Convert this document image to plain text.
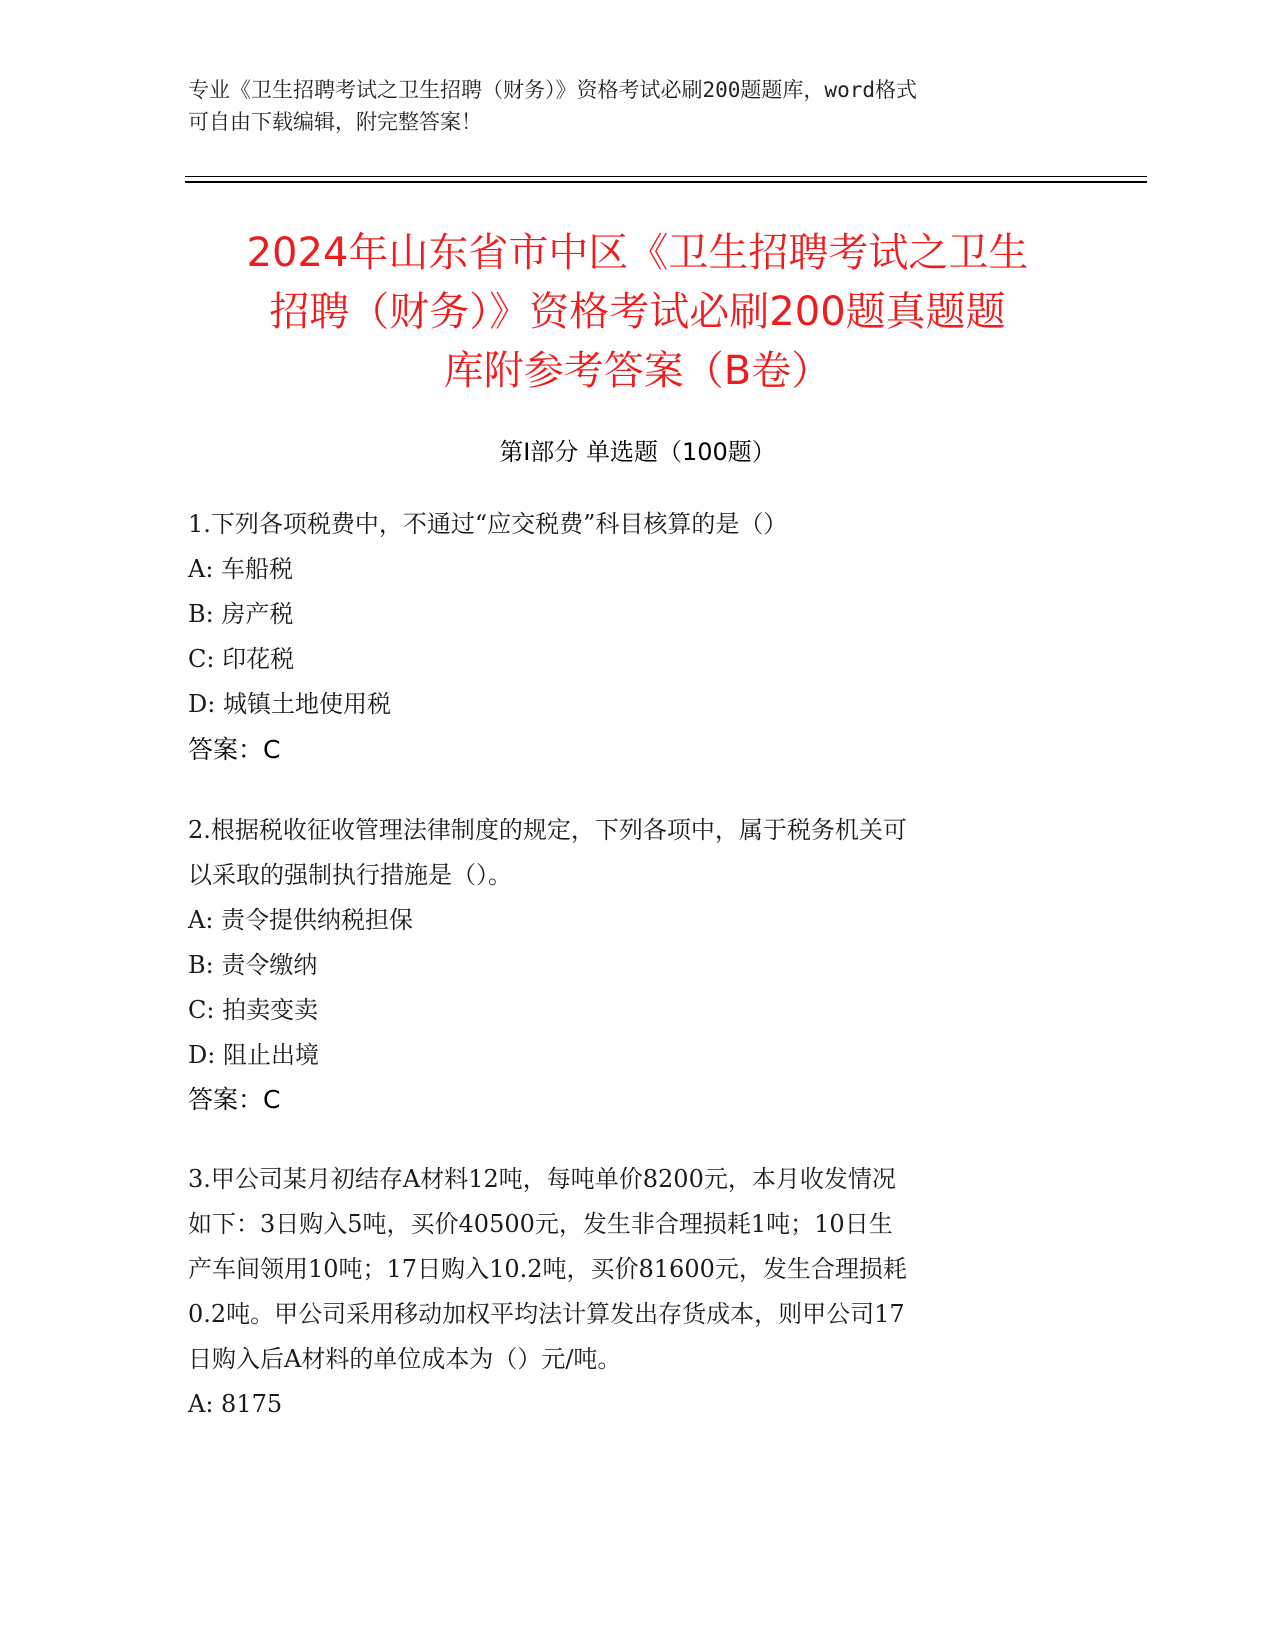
专业《卫生招聘考试之卫生招聘（财务）》资格考试必刷200题题库，word格式
可自由下载编辑，附完整答案！
2024年山东省市中区《卫生招聘考试之卫生
招聘（财务）》资格考试必刷200题真题题
库附参考答案（B卷）
第Ⅰ部分 单选题（100题）
1.下列各项税费中，不通过“应交税费”科目核算的是（）
A: 车船税
B: 房产税
C: 印花税
D: 城镇土地使用税
答案：C
2.根据税收征收管理法律制度的规定，下列各项中，属于税务机关可
以采取的强制执行措施是（）。
A: 责令提供纳税担保
B: 责令缴纳
C: 拍卖变卖
D: 阻止出境
答案：C
3.甲公司某月初结存A材料12吨，每吨单价8200元，本月收发情况
如下：3日购入5吨，买价40500元，发生非合理损耗1吨；10日生
产车间领用10吨；17日购入10.2吨，买价81600元，发生合理损耗
0.2吨。甲公司采用移动加权平均法计算发出存货成本，则甲公司17
日购入后A材料的单位成本为（）元/吨。
A: 8175
